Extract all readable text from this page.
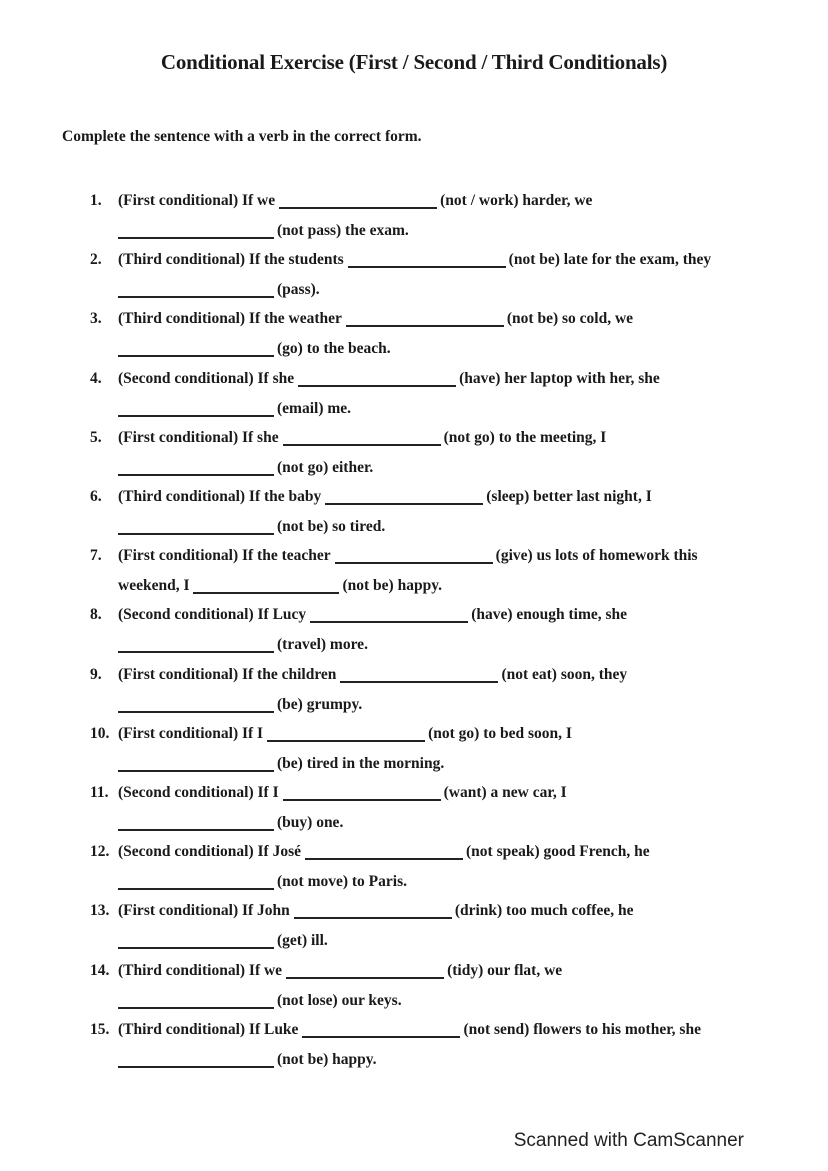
Conditional Exercise (First / Second / Third Conditionals)
Complete the sentence with a verb in the correct form.
1. (First conditional) If we	(not / work) harder, we
(not pass) the exam.
2. (Third conditional) If the students	(not be) late for the exam, they
(pass).
3. (Third conditional) If the weather	(not be) so cold, we
(go) to the beach.
4. (Second conditional) If she	(have) her laptop with her, she
(email) me.
5. (First conditional) If she	(not go) to the meeting, I
(not go) either.
6. (Third conditional) If the baby	(sleep) better last night, I
(not be) so tired.
7. (First conditional) If the teacher	(give) us lots of homework this
weekend, I	(not be) happy.
8. (Second conditional) If Lucy	(have) enough time, she
(travel) more.
9. (First conditional) If the children	(not eat) soon, they
(be) grumpy.
10. (First conditional) If I	(not go) to bed soon, I
(be) tired in the morning.
11. (Second conditional) If I	(want) a new car, I
(buy) one.
12. (Second conditional) If José	(not speak) good French, he
(not move) to Paris.
13. (First conditional) If John	(drink) too much coffee, he
(get) ill.
14. (Third conditional) If we	(tidy) our flat, we
(not lose) our keys.
15. (Third conditional) If Luke	(not send) flowers to his mother, she
(not be) happy.
Scanned with CamScanner
